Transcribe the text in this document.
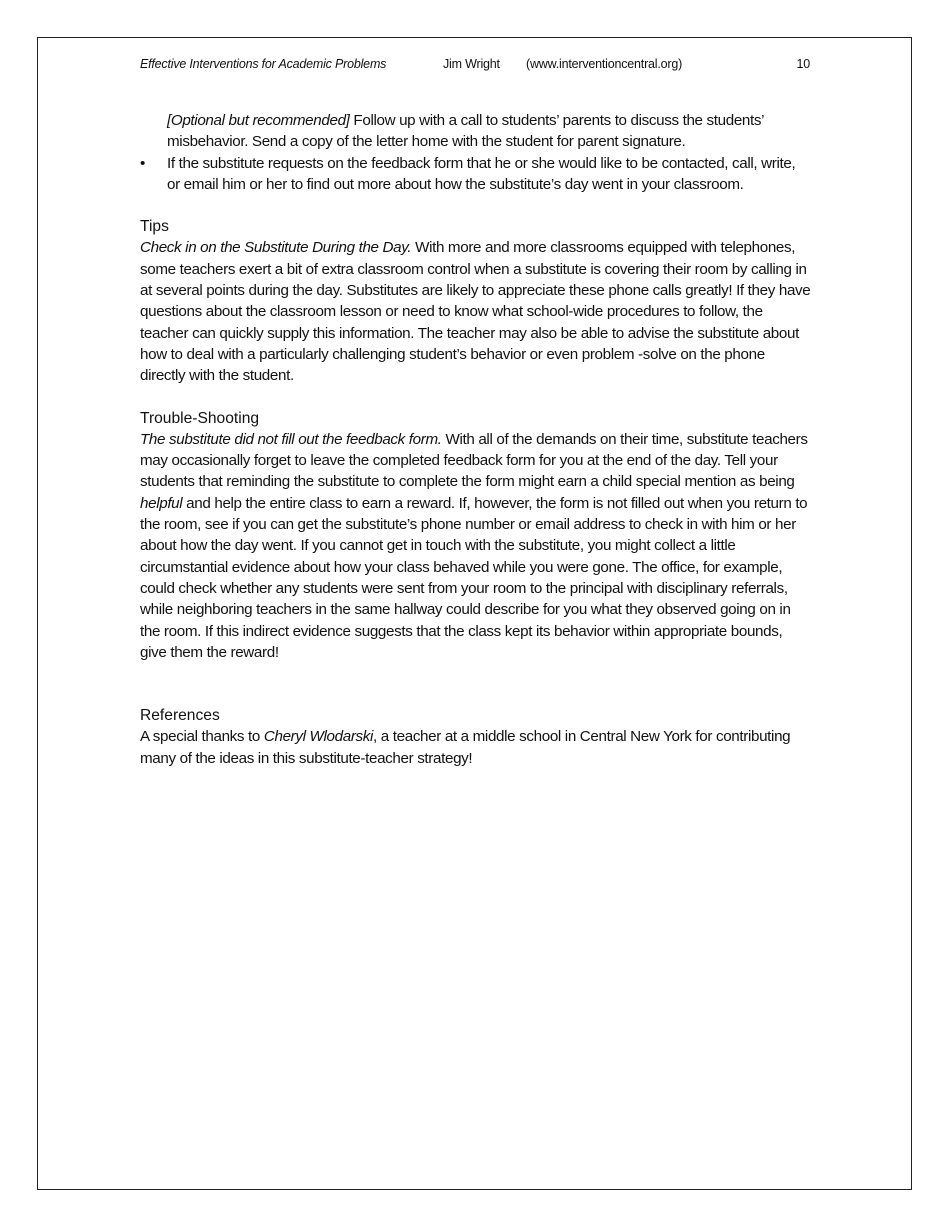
Effective Interventions for Academic Problems	Jim Wright (www.interventioncentral.org)	10

[Optional but recommended] Follow up with a call to students’ parents to discuss the students’ misbehavior. Send a copy of the letter home with the student for parent signature.

• If the substitute requests on the feedback form that he or she would like to be contacted, call, write, or email him or her to find out more about how the substitute’s day went in your classroom.

Tips

Check in on the Substitute During the Day. With more and more classrooms equipped with telephones, some teachers exert a bit of extra classroom control when a substitute is covering their room by calling in at several points during the day. Substitutes are likely to appreciate these phone calls greatly! If they have questions about the classroom lesson or need to know what school-wide procedures to follow, the teacher can quickly supply this information. The teacher may also be able to advise the substitute about how to deal with a particularly challenging student’s behavior or even problem -solve on the phone directly with the student.

Trouble-Shooting

The substitute did not fill out the feedback form. With all of the demands on their time, substitute teachers may occasionally forget to leave the completed feedback form for you at the end of the day. Tell your students that reminding the substitute to complete the form might earn a child special mention as being helpful and help the entire class to earn a reward. If, however, the form is not filled out when you return to the room, see if you can get the substitute’s phone number or email address to check in with him or her about how the day went. If you cannot get in touch with the substitute, you might collect a little circumstantial evidence about how your class behaved while you were gone. The office, for example, could check whether any students were sent from your room to the principal with disciplinary referrals, while neighboring teachers in the same hallway could describe for you what they observed going on in the room. If this indirect evidence suggests that the class kept its behavior within appropriate bounds, give them the reward!

References

A special thanks to Cheryl Wlodarski, a teacher at a middle school in Central New York for contributing many of the ideas in this substitute-teacher strategy!
